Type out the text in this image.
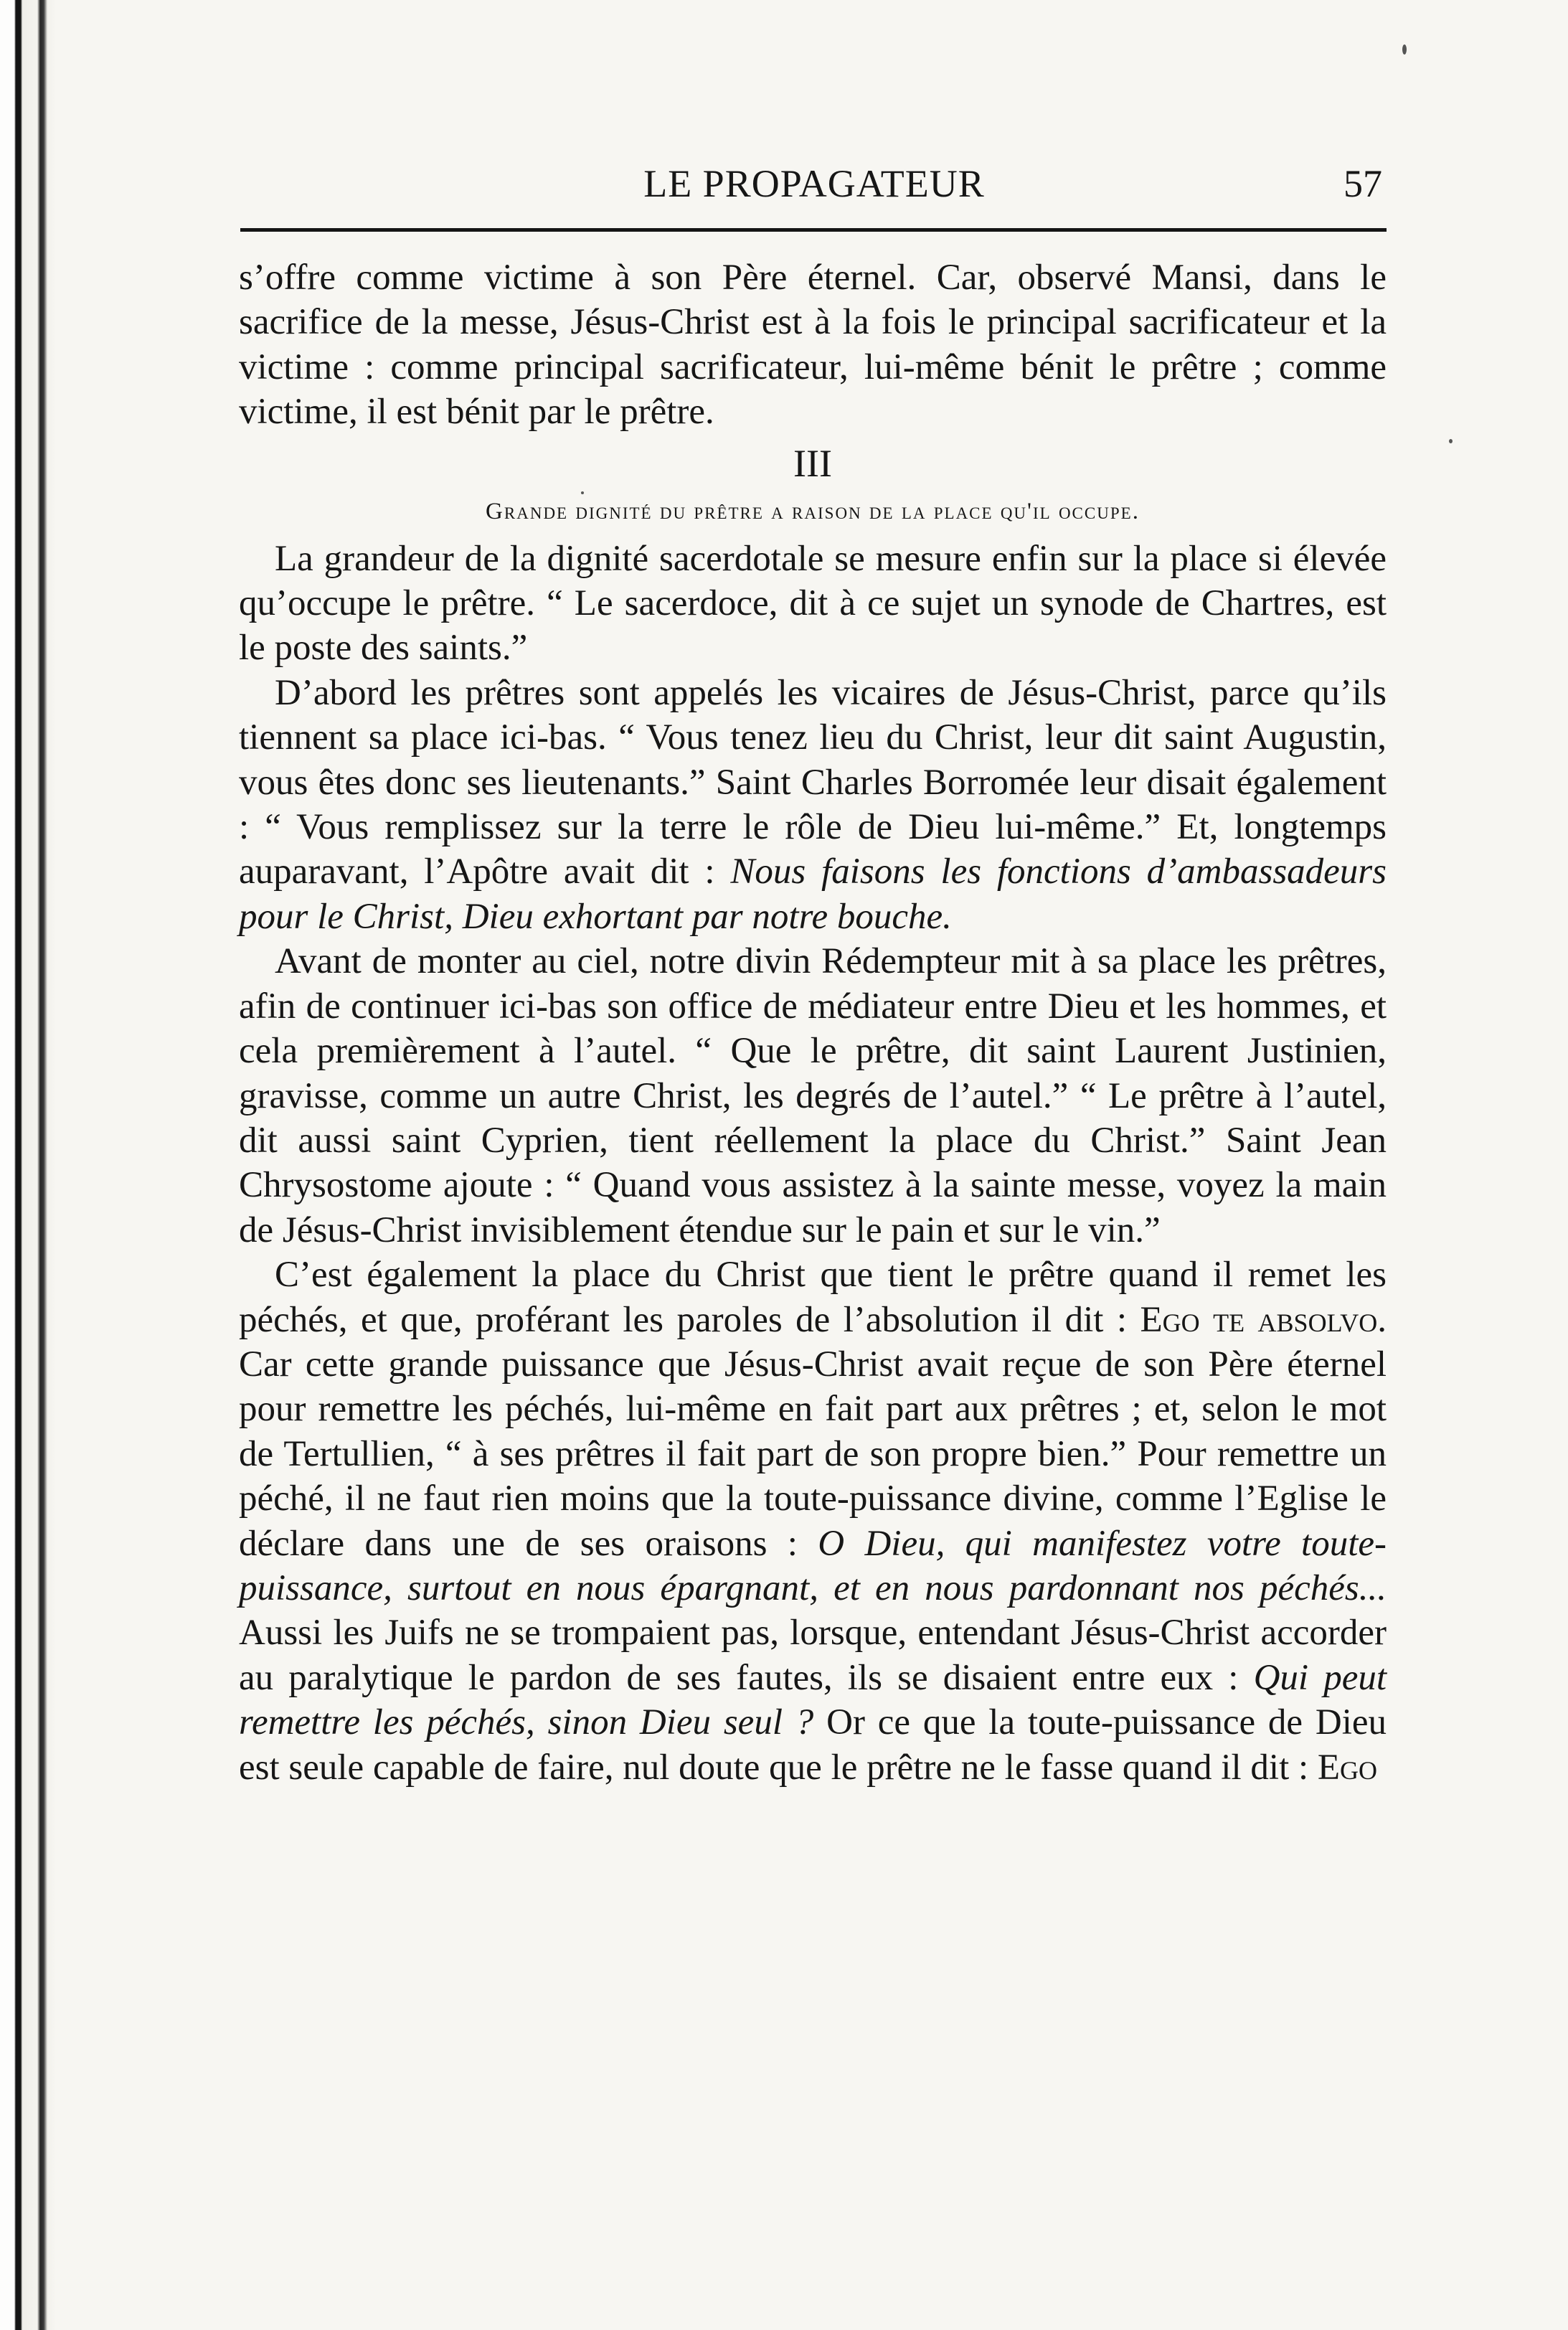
LE PROPAGATEUR	57

s’offre comme victime à son Père éternel. Car, observé Mansi, dans le sacrifice de la messe, Jésus-Christ est à la fois le principal sacrificateur et la victime : comme principal sacrificateur, lui-même bénit le prêtre ; comme victime, il est bénit par le prêtre.

III
Grande dignité du prêtre a raison de la place qu'il occupe.

La grandeur de la dignité sacerdotale se mesure enfin sur la place si élevée qu’occupe le prêtre. “ Le sacerdoce, dit à ce sujet un synode de Chartres, est le poste des saints.”

D’abord les prêtres sont appelés les vicaires de Jésus-Christ, parce qu’ils tiennent sa place ici-bas. “ Vous tenez lieu du Christ, leur dit saint Augustin, vous êtes donc ses lieutenants.” Saint Charles Borromée leur disait également : “ Vous remplissez sur la terre le rôle de Dieu lui-même.” Et, longtemps auparavant, l’Apôtre avait dit : Nous faisons les fonctions d’ambassadeurs pour le Christ, Dieu exhortant par notre bouche.

Avant de monter au ciel, notre divin Rédempteur mit à sa place les prêtres, afin de continuer ici-bas son office de médiateur entre Dieu et les hommes, et cela premièrement à l’autel. “ Que le prêtre, dit saint Laurent Justinien, gravisse, comme un autre Christ, les degrés de l’autel.” “ Le prêtre à l’autel, dit aussi saint Cyprien, tient réellement la place du Christ.” Saint Jean Chrysostome ajoute : “ Quand vous assistez à la sainte messe, voyez la main de Jésus-Christ invisiblement étendue sur le pain et sur le vin.”

C’est également la place du Christ que tient le prêtre quand il remet les péchés, et que, proférant les paroles de l’absolution il dit : Ego te absolvo. Car cette grande puissance que Jésus-Christ avait reçue de son Père éternel pour remettre les péchés, lui-même en fait part aux prêtres ; et, selon le mot de Tertullien, “ à ses prêtres il fait part de son propre bien.” Pour remettre un péché, il ne faut rien moins que la toute-puissance divine, comme l’Eglise le déclare dans une de ses oraisons : O Dieu, qui manifestez votre toute-puissance, surtout en nous épargnant, et en nous pardonnant nos péchés... Aussi les Juifs ne se trompaient pas, lorsque, entendant Jésus-Christ accorder au paralytique le pardon de ses fautes, ils se disaient entre eux : Qui peut remettre les péchés, sinon Dieu seul ? Or ce que la toute-puissance de Dieu est seule capable de faire, nul doute que le prêtre ne le fasse quand il dit : Ego
